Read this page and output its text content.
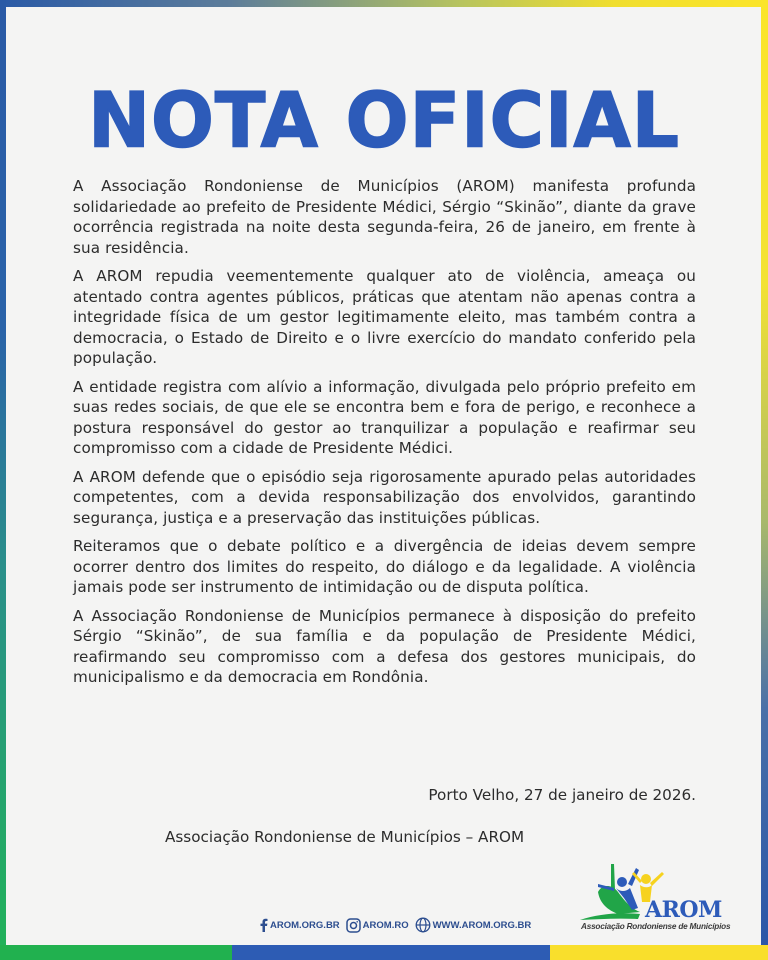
NOTA OFICIAL

A Associação Rondoniense de Municípios (AROM) manifesta profunda solidariedade ao prefeito de Presidente Médici, Sérgio “Skinão”, diante da grave ocorrência registrada na noite desta segunda-feira, 26 de janeiro, em frente à sua residência.

A AROM repudia veementemente qualquer ato de violência, ameaça ou atentado contra agentes públicos, práticas que atentam não apenas contra a integridade física de um gestor legitimamente eleito, mas também contra a democracia, o Estado de Direito e o livre exercício do mandato conferido pela população.

A entidade registra com alívio a informação, divulgada pelo próprio prefeito em suas redes sociais, de que ele se encontra bem e fora de perigo, e reconhece a postura responsável do gestor ao tranquilizar a população e reafirmar seu compromisso com a cidade de Presidente Médici.

A AROM defende que o episódio seja rigorosamente apurado pelas autoridades competentes, com a devida responsabilização dos envolvidos, garantindo segurança, justiça e a preservação das instituições públicas.

Reiteramos que o debate político e a divergência de ideias devem sempre ocorrer dentro dos limites do respeito, do diálogo e da legalidade. A violência jamais pode ser instrumento de intimidação ou de disputa política.

A Associação Rondoniense de Municípios permanece à disposição do prefeito Sérgio “Skinão”, de sua família e da população de Presidente Médici, reafirmando seu compromisso com a defesa dos gestores municipais, do municipalismo e da democracia em Rondônia.

Porto Velho, 27 de janeiro de 2026.
Associação Rondoniense de Municípios – AROM
AROM.ORG.BR AROM.RO	WWW.AROM.ORG.BR
AROM
Associação Rondoniense de Municípios
